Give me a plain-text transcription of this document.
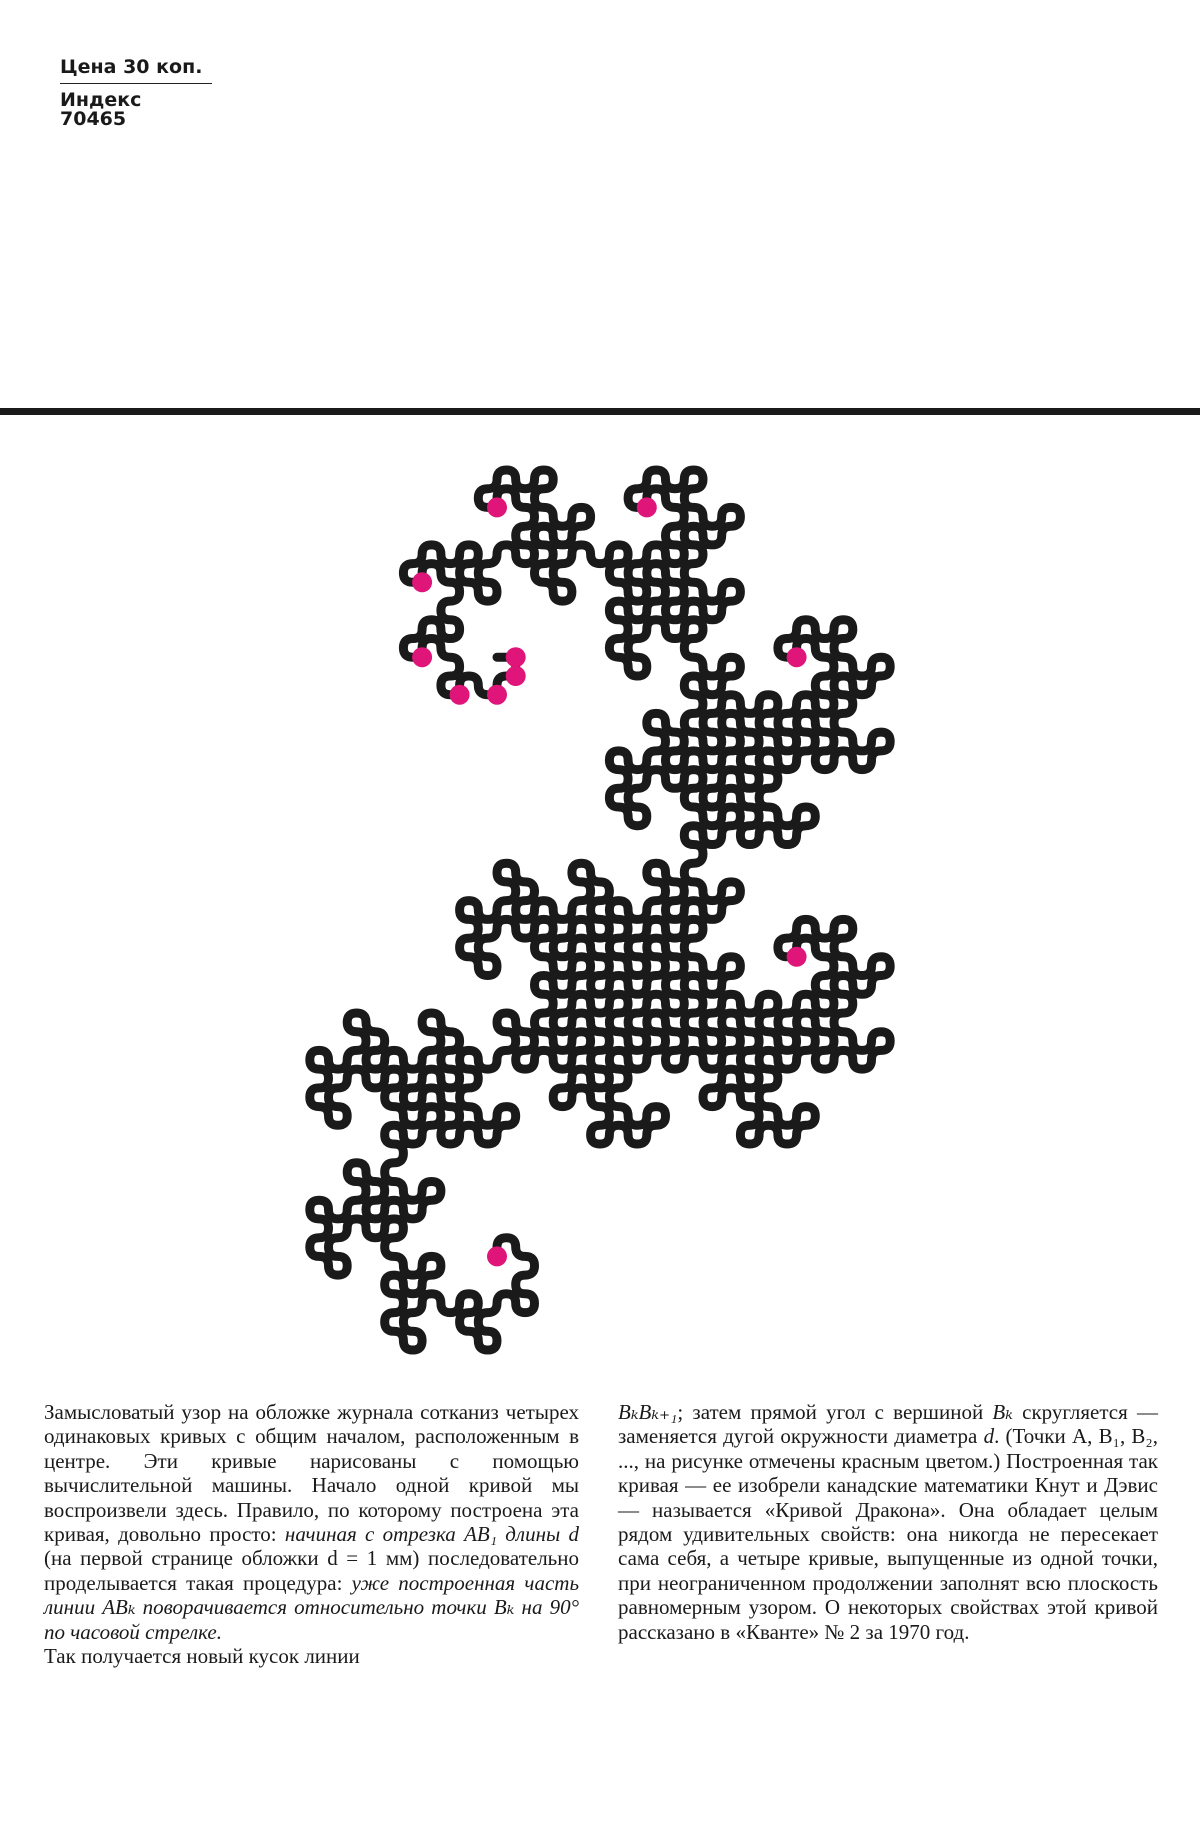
Цена 30 коп.
Индекс 70465

Замысловатый узор на обложке журнала сотканиз четырех одинаковых кривых с общим началом, расположенным в центре. Эти кривые нарисованы с помощью вычислительной машины. Начало одной кривой мы воспроизвели здесь. Правило, по которому построена эта кривая, довольно просто: начиная с отрезка AB₁ длины d (на первой странице обложки d = 1 мм) последовательно проделывается такая процедура: уже построенная часть линии ABₖ поворачивается относительно точки Bₖ на 90° по часовой стрелке.

Так получается новый кусок линии

BₖBₖ₊₁; затем прямой угол с вершиной Bₖ скругляется — заменяется дугой окружности диаметра d. (Точки A, B₁, B₂, ..., на рисунке отмечены красным цветом.) Построенная так кривая — ее изобрели канадские математики Кнут и Дэвис — называется «Кривой Дракона». Она обладает целым рядом удивительных свойств: она никогда не пересекает сама себя, а четыре кривые, выпущенные из одной точки, при неограниченном продолжении заполнят всю плоскость равномерным узором. О некоторых свойствах этой кривой рассказано в «Кванте» № 2 за 1970 год.
